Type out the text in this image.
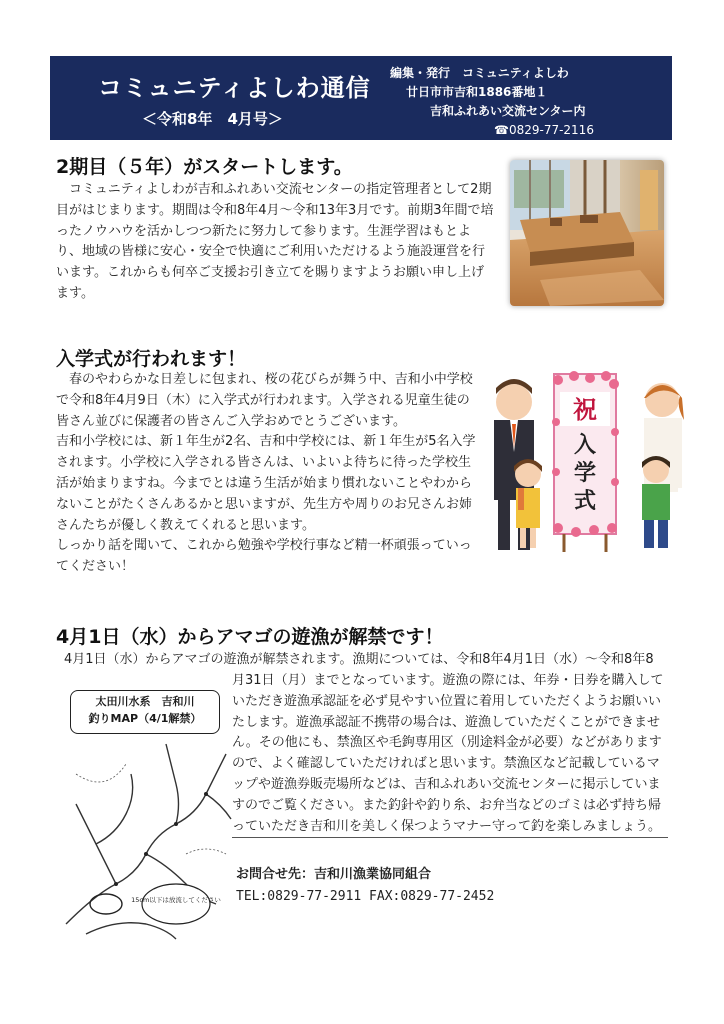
コミュニティよしわ通信
＜令和8年　4月号＞
編集・発行　コミュニティよしわ
廿日市市吉和1886番地１
吉和ふれあい交流センター内
☎0829-77-2116
2期目（５年）がスタートします。

コミュニティよしわが吉和ふれあい交流センターの指定管理者として2期目がはじまります。期間は令和8年4月～令和13年3月です。前期3年間で培ったノウハウを活かしつつ新たに努力して参ります。生涯学習はもとより、地域の皆様に安心・安全で快適にご利用いただけるよう施設運営を行います。これからも何卒ご支援お引き立てを賜りますようお願い申し上げます。

入学式が行われます！

春のやわらかな日差しに包まれ、桜の花びらが舞う中、吉和小中学校で令和8年4月9日（木）に入学式が行われます。入学される児童生徒の皆さん並びに保護者の皆さんご入学おめでとうございます。

吉和小学校には、新１年生が2名、吉和中学校には、新１年生が5名入学されます。小学校に入学される皆さんは、いよいよ待ちに待った学校生活が始まりますね。今までとは違う生活が始まり慣れないことやわからないことがたくさんあるかと思いますが、先生方や周りのお兄さんお姉さんたちが優しく教えてくれると思います。

しっかり話を聞いて、これから勉強や学校行事など精一杯頑張っていってください！

祝
入
学
式
4月1日（水）からアマゴの遊漁が解禁です！
4月1日（水）からアマゴの遊漁が解禁されます。漁期については、令和8年4月1日（水）～令和8年8
月31日（月）までとなっています。遊漁の際には、年券・日券を購入していただき遊漁承認証を必ず見やすい位置に着用していただくようお願いいたします。遊漁承認証不携帯の場合は、遊漁していただくことができません。その他にも、禁漁区や毛鉤専用区（別途料金が必要）などがありますので、よく確認していただければと思います。禁漁区など記載しているマップや遊漁券販売場所などは、吉和ふれあい交流センターに掲示していますのでご覧ください。また釣針や釣り糸、お弁当などのゴミは必ず持ち帰っていただき吉和川を美しく保つようマナー守って釣を楽しみましょう。
太田川水系　吉和川
釣りMAP（4/1解禁）
15cm以下は放流してください
お問合せ先：吉和川漁業協同組合
TEL:0829-77-2911 FAX:0829-77-2452
